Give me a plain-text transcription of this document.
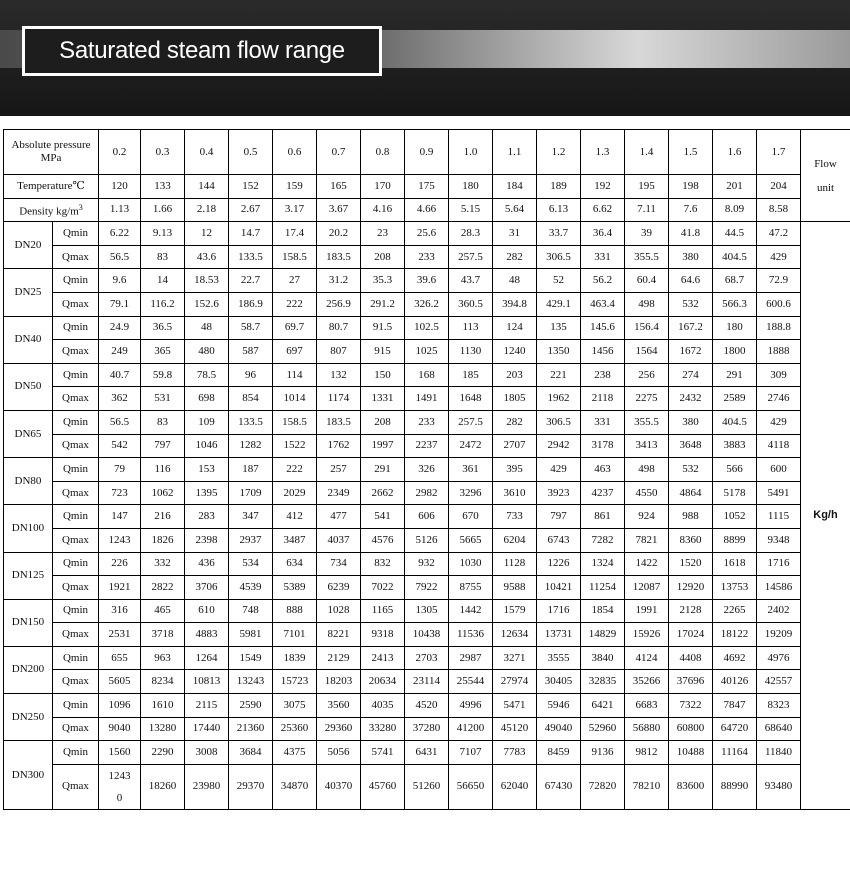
Saturated steam flow range
Absolute pressure
MPa		0.2	0.3	0.4	0.5	0.6	0.7	0.8	0.9	1.0	1.1	1.2	1.3	1.4	1.5	1.6	1.7	Flow unit
Temperature℃		120	133	144	152	159	165	170	175	180	184	189	192	195	198	201	204	
Density $kg/m^3$		1.13	1.66	2.18	2.67	3.17	3.67	4.16	4.66	5.15	5.64	6.13	6.62	7.11	7.6	8.09	8.58	
DN20	Qmin	6.22	9.13	12	14.7	17.4	20.2	23	25.6	28.3	31	33.7	36.4	39	41.8	44.5	47.2	Kg/h
	Qmax	56.5	83	43.6	133.5	158.5	183.5	208	233	257.5	282	306.5	331	355.5	380	404.5	429	
DN25	Qmin	9.6	14	18.53	22.7	27	31.2	35.3	39.6	43.7	48	52	56.2	60.4	64.6	68.7	72.9	
	Qmax	79.1	116.2	152.6	186.9	222	256.9	291.2	326.2	360.5	394.8	429.1	463.4	498	532	566.3	600.6	
DN40	Qmin	24.9	36.5	48	58.7	69.7	80.7	91.5	102.5	113	124	135	145.6	156.4	167.2	180	188.8	
	Qmax	249	365	480	587	697	807	915	1025	1130	1240	1350	1456	1564	1672	1800	1888	
DN50	Qmin	40.7	59.8	78.5	96	114	132	150	168	185	203	221	238	256	274	291	309	
	Qmax	362	531	698	854	1014	1174	1331	1491	1648	1805	1962	2118	2275	2432	2589	2746	
DN65	Qmin	56.5	83	109	133.5	158.5	183.5	208	233	257.5	282	306.5	331	355.5	380	404.5	429	
	Qmax	542	797	1046	1282	1522	1762	1997	2237	2472	2707	2942	3178	3413	3648	3883	4118	
DN80	Qmin	79	116	153	187	222	257	291	326	361	395	429	463	498	532	566	600	
	Qmax	723	1062	1395	1709	2029	2349	2662	2982	3296	3610	3923	4237	4550	4864	5178	5491	
DN100	Qmin	147	216	283	347	412	477	541	606	670	733	797	861	924	988	1052	1115	
	Qmax	1243	1826	2398	2937	3487	4037	4576	5126	5665	6204	6743	7282	7821	8360	8899	9348	
DN125	Qmin	226	332	436	534	634	734	832	932	1030	1128	1226	1324	1422	1520	1618	1716	
	Qmax	1921	2822	3706	4539	5389	6239	7022	7922	8755	9588	10421	11254	12087	12920	13753	14586	
DN150	Qmin	316	465	610	748	888	1028	1165	1305	1442	1579	1716	1854	1991	2128	2265	2402	
	Qmax	2531	3718	4883	5981	7101	8221	9318	10438	11536	12634	13731	14829	15926	17024	18122	19209	
DN200	Qmin	655	963	1264	1549	1839	2129	2413	2703	2987	3271	3555	3840	4124	4408	4692	4976	
	Qmax	5605	8234	10813	13243	15723	18203	20634	23114	25544	27974	30405	32835	35266	37696	40126	42557	
DN250	Qmin	1096	1610	2115	2590	3075	3560	4035	4520	4996	5471	5946	6421	6683	7322	7847	8323	
	Qmax	9040	13280	17440	21360	25360	29360	33280	37280	41200	45120	49040	52960	56880	60800	64720	68640	
DN300	Qmin	1560	2290	3008	3684	4375	5056	5741	6431	7107	7783	8459	9136	9812	10488	11164	11840	
	Qmax	12430	18260	23980	29370	34870	40370	45760	51260	56650	62040	67430	72820	78210	83600	88990	93480	
